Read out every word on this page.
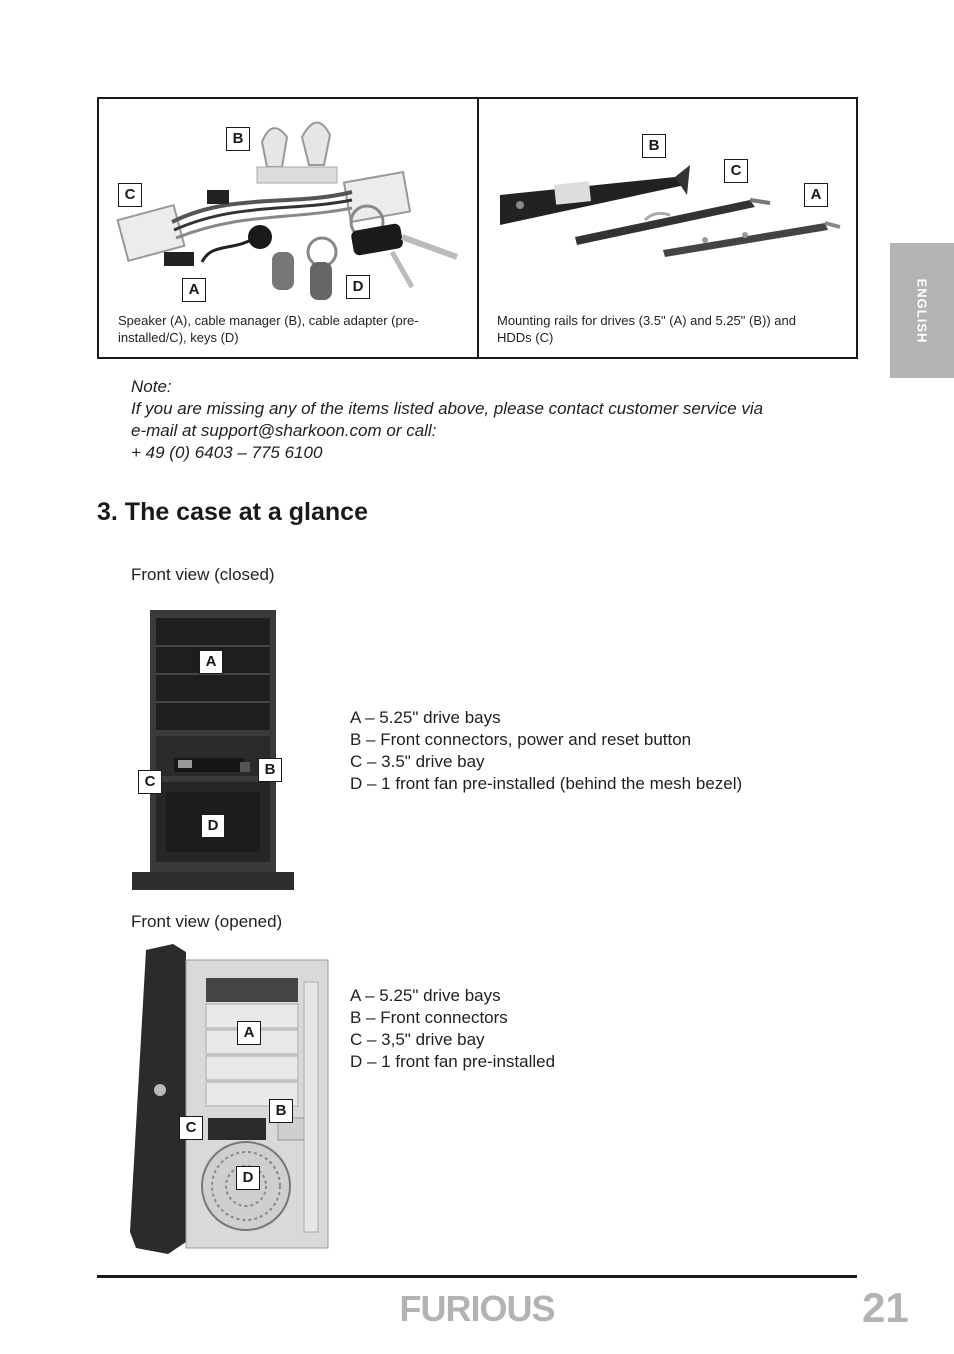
B
C
A	D
Speaker (A), cable manager (B), cable adapter (pre-
installed/C), keys (D)
B
C
A
Mounting rails for drives (3.5" (A) and 5.25" (B)) and
HDDs (C)	ENGLISH
Note:
If you are missing any of the items listed above, please contact customer service via
e-mail at support@sharkoon.com or call:
+ 49 (0) 6403 – 775 6100
3. The case at a glance
Front view (closed)
A
B
C
D
A – 5.25" drive bays
B – Front connectors, power and reset button
C – 3.5" drive bay
D – 1 front fan pre-installed (behind the mesh bezel)
Front view (opened)
A
B
C
D
A – 5.25" drive bays
B – Front connectors
C – 3,5" drive bay
D – 1 front fan pre-installed
FURIOUS	21
